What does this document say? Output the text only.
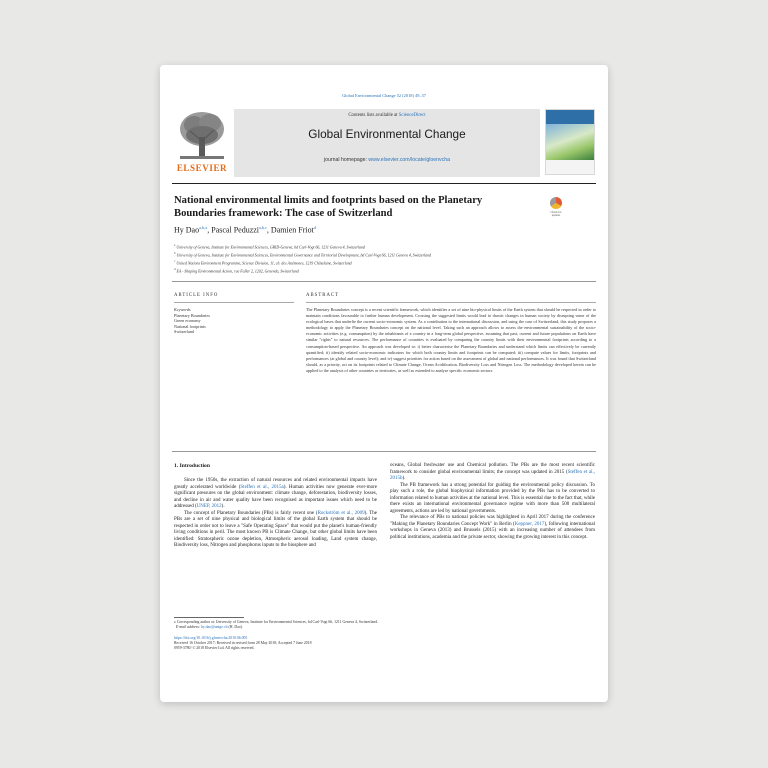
Global Environmental Change 52 (2018) 49–57
ELSEVIER
Contents lists available at ScienceDirect
Global Environmental Change
journal homepage: www.elsevier.com/locate/gloenvcha
National environmental limits and footprints based on the Planetary Boundaries framework: The case of Switzerland	Check for updates
Hy Dao$^{a,b,⁎}$, Pascal Peduzzi$^{a,b,c}$, Damien Friot$^d$
$^a$ University of Geneva, Institute for Environmental Sciences, GRID-Geneva, bd Carl-Vogt 66, 1211 Geneva 4, Switzerland
$^b$ University of Geneva, Institute for Environmental Sciences, Environmental Governance and Territorial Development, bd Carl-Vogt 66, 1211 Geneva 4, Switzerland
$^c$ United Nations Environment Programme, Science Division, 11, ch. des Anémones, 1219 Châtelaine, Switzerland
$^d$ EA - Shaping Environmental Action, rue Faller 2, 1202, Genevda, Switzerland
ARTICLE INFO	ABSTRACT
Keywords
Planetary Boundaries
Green economy
National footprints
Switzerland
The Planetary Boundaries concept is a recent scientific framework, which identifies a set of nine bio-physical limits of the Earth system that should be respected in order to maintain conditions favourable to further human development. Crossing the suggested limits would lead to drastic changes in human society by disrupting some of the ecological bases that underlie the current socio-economic system. As a contribution to the international discussion, and using the case of Switzerland, this study proposes a methodology to apply the Planetary Boundaries concept on the national level. Taking such an approach allows to assess the environmental sustainability of the socio-economic activities (e.g. consumption) by the inhabitants of a country in a long-term global perspective, assuming that past, current and future populations on Earth have similar "rights" to natural resources. The performance of countries is evaluated by comparing the country limits with their environmental footprints according to a consumption-based perspective. An approach was developed to: i) better characterise the Planetary Boundaries and understand which limits can effectively be currently quantified; ii) identify related socio-economic indicators for which both country limits and footprints can be computed; iii) compute values for limits, footprints and performances (at global and country level); and iv) suggest priorities for action based on the assessment of global and national performances. It was found that Switzerland should, as a priority, act on its footprints related to Climate Change, Ocean Acidification, Biodiversity Loss and Nitrogen Loss. The methodology developed herein can be applied to the analysis of other countries or territories, as well as extended to analyse specific economic sectors.
1. Introduction

Since the 1950s, the extraction of natural resources and related environmental impacts have greatly accelerated worldwide (Steffen et al., 2015a). Human activities now generate ever-more significant pressures on the global environment: climate change, deforestation, biodiversity losses, and decline in air and water quality have been recognised as important issues which need to be addressed (UNEP, 2012).

The concept of Planetary Boundaries (PBs) is fairly recent one (Rockström et al., 2009). The PBs are a set of nine physical and biological limits of the global Earth system that should be respected in order not to leave a "Safe Operating Space" that would put the planet's human-friendly living conditions in peril. The most known PB is Climate Change, but other global limits have been identified: Stratospheric ozone depletion, Atmospheric aerosol loading, Land system change, Biodiversity loss, Nitrogen and phosphorus inputs to the biosphere and

oceans, Global freshwater use and Chemical pollution. The PBs are the most recent scientific framework to consider global environmental limits; the concept was updated in 2015 (Steffen et al., 2015b).

The PB framework has a strong potential for guiding the environmental policy discussion. To play such a role, the global biophysical information provided by the PBs has to be converted to information related to human activities at the national level. This is essential due to the fact that, while there exists an international environmental governance regime with more than 500 multilateral agreements, actions are led by national governments.

The relevance of PBs to national policies was highlighted in April 2017 during the conference "Making the Planetary Boundaries Concept Work" in Berlin (Keppner, 2017), following international workshops in Geneva (2013) and Brussels (2015) with an increasing number of attendees from political institutions, academia and the private sector, showing the growing interest in this concept.

⁎ Corresponding author at: University of Geneva, Institute for Environmental Sciences, bd Carl-Vogt 66, 1211 Geneva 4, Switzerland.
E-mail address: hy.dao@unige.ch (H. Dao).
https://doi.org/10.1016/j.gloenvcha.2018.06.005
Received 16 October 2017; Received in revised form 28 May 2018; Accepted 7 June 2018
0959-3780/ © 2018 Elsevier Ltd. All rights reserved.
